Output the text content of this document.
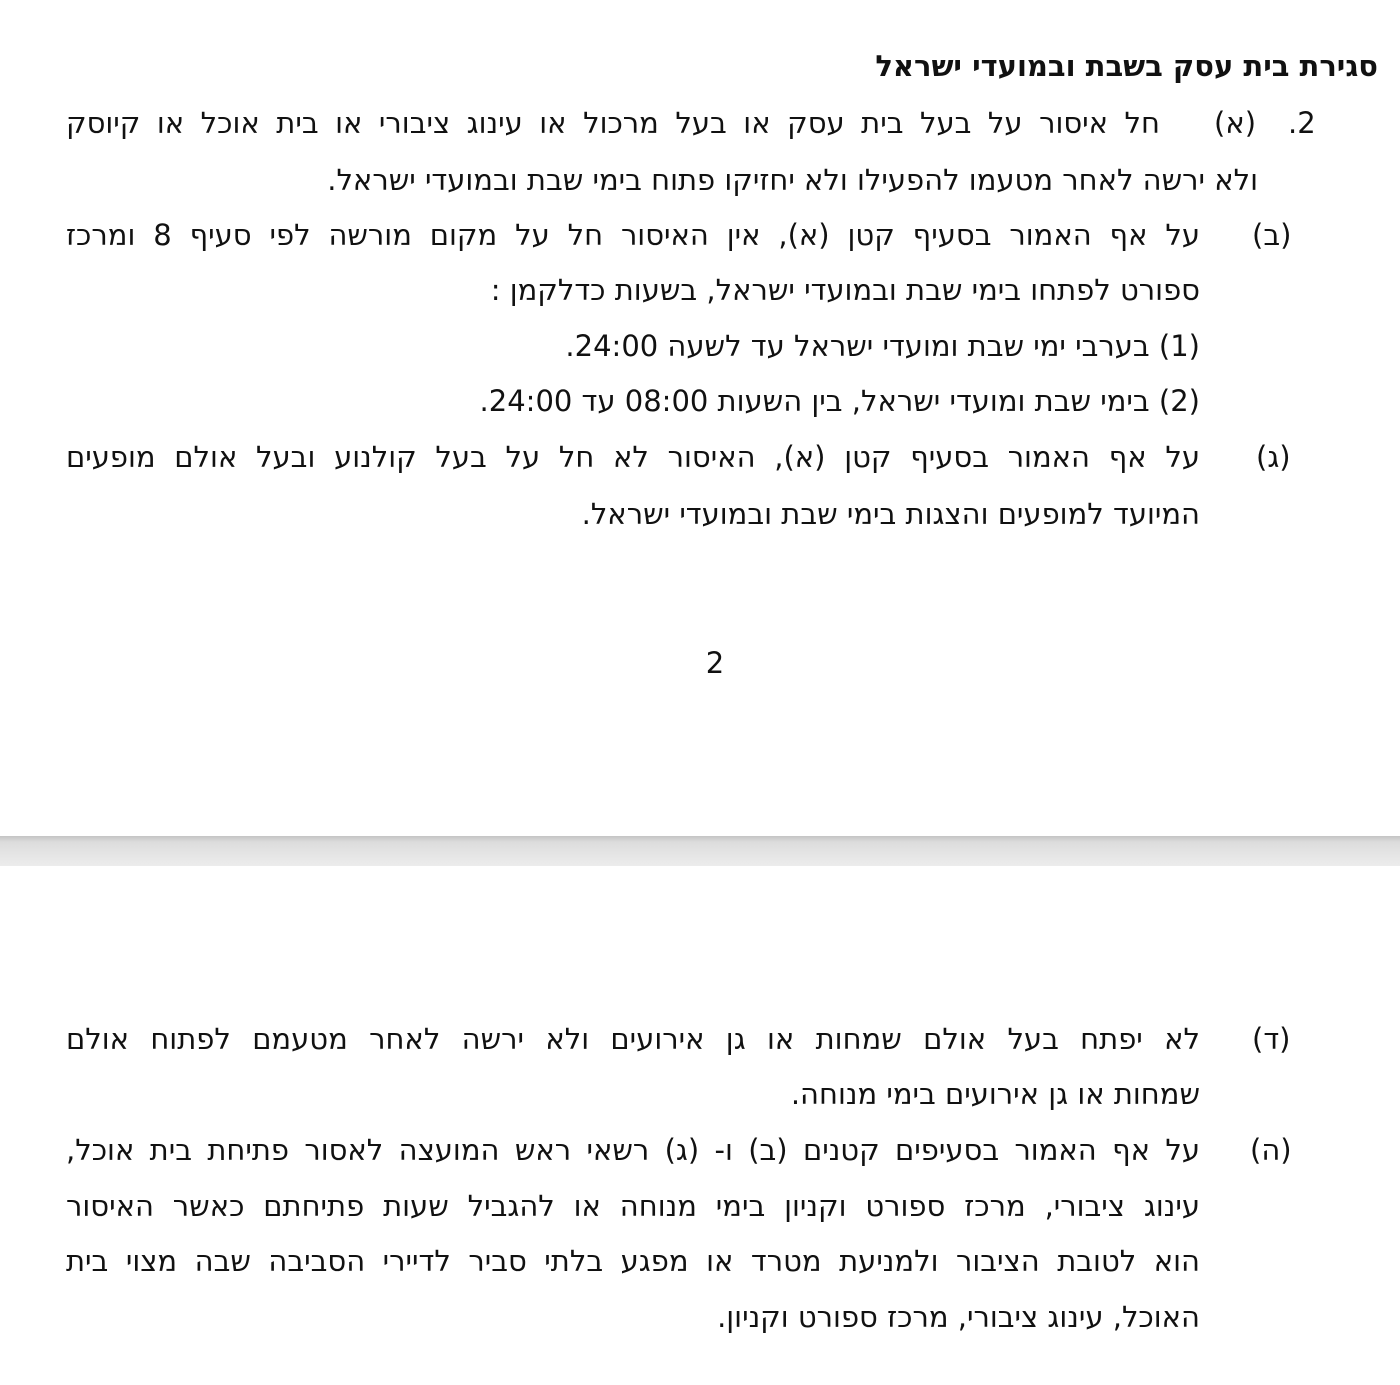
סגירת בית עסק בשבת ובמועדי ישראל
2.
(א)

חל איסור על בעל בית עסק או בעל מרכול או עינוג ציבורי או בית אוכל או קיוסק

ולא ירשה לאחר מטעמו להפעילו ולא יחזיקו פתוח בימי שבת ובמועדי ישראל.

(ב)

על אף האמור בסעיף קטן (א), אין האיסור חל על מקום מורשה לפי סעיף 8 ומרכז

ספורט לפתחו בימי שבת ובמועדי ישראל, בשעות כדלקמן :

(1) בערבי ימי שבת ומועדי ישראל עד לשעה 24:00.

(2) בימי שבת ומועדי ישראל, בין השעות 08:00 עד 24:00.

(ג)

על אף האמור בסעיף קטן (א), האיסור לא חל על בעל קולנוע ובעל אולם מופעים

המיועד למופעים והצגות בימי שבת ובמועדי ישראל.

2
(ד)

לא יפתח בעל אולם שמחות או גן אירועים ולא ירשה לאחר מטעמם לפתוח אולם

שמחות או גן אירועים בימי מנוחה.

(ה)

על אף האמור בסעיפים קטנים (ב) ו- (ג) רשאי ראש המועצה לאסור פתיחת בית אוכל,

עינוג ציבורי, מרכז ספורט וקניון בימי מנוחה או להגביל שעות פתיחתם כאשר האיסור

הוא לטובת הציבור ולמניעת מטרד או מפגע בלתי סביר לדיירי הסביבה שבה מצוי בית

האוכל, עינוג ציבורי, מרכז ספורט וקניון.
